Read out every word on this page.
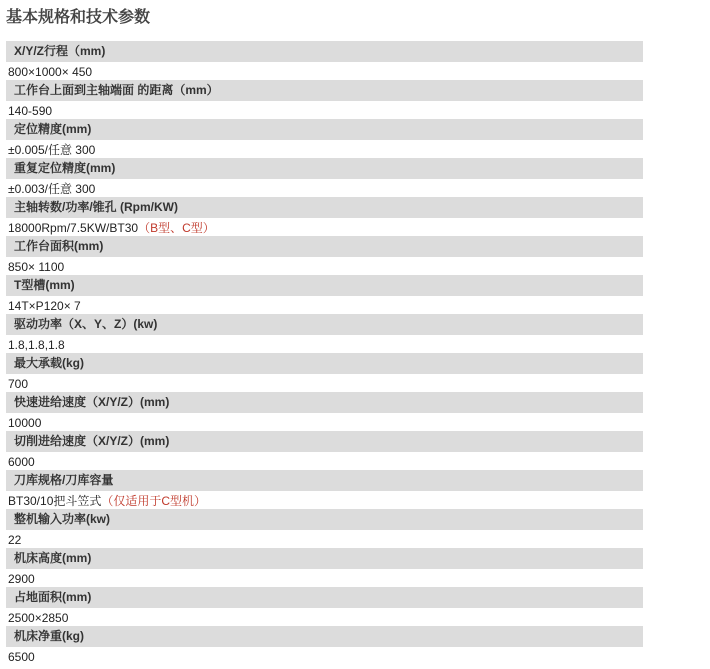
基本规格和技术参数
X/Y/Z行程（mm)
800×1000× 450
工作台上面到主轴端面 的距离（mm）
140-590
定位精度(mm)
±0.005/任意 300
重复定位精度(mm)
±0.003/任意 300
主轴转数/功率/锥孔 (Rpm/KW)
18000Rpm/7.5KW/BT30（B型、C型）
工作台面积(mm)
850× 1100
T型槽(mm)
14T×P120× 7
驱动功率（X、Y、Z）(kw)
1.8,1.8,1.8
最大承载(kg)
700
快速进给速度（X/Y/Z）(mm)
10000
切削进给速度（X/Y/Z）(mm)
6000
刀库规格/刀库容量
BT30/10把斗笠式（仅适用于C型机）
整机输入功率(kw)
22
机床高度(mm)
2900
占地面积(mm)
2500×2850
机床净重(kg)
6500
